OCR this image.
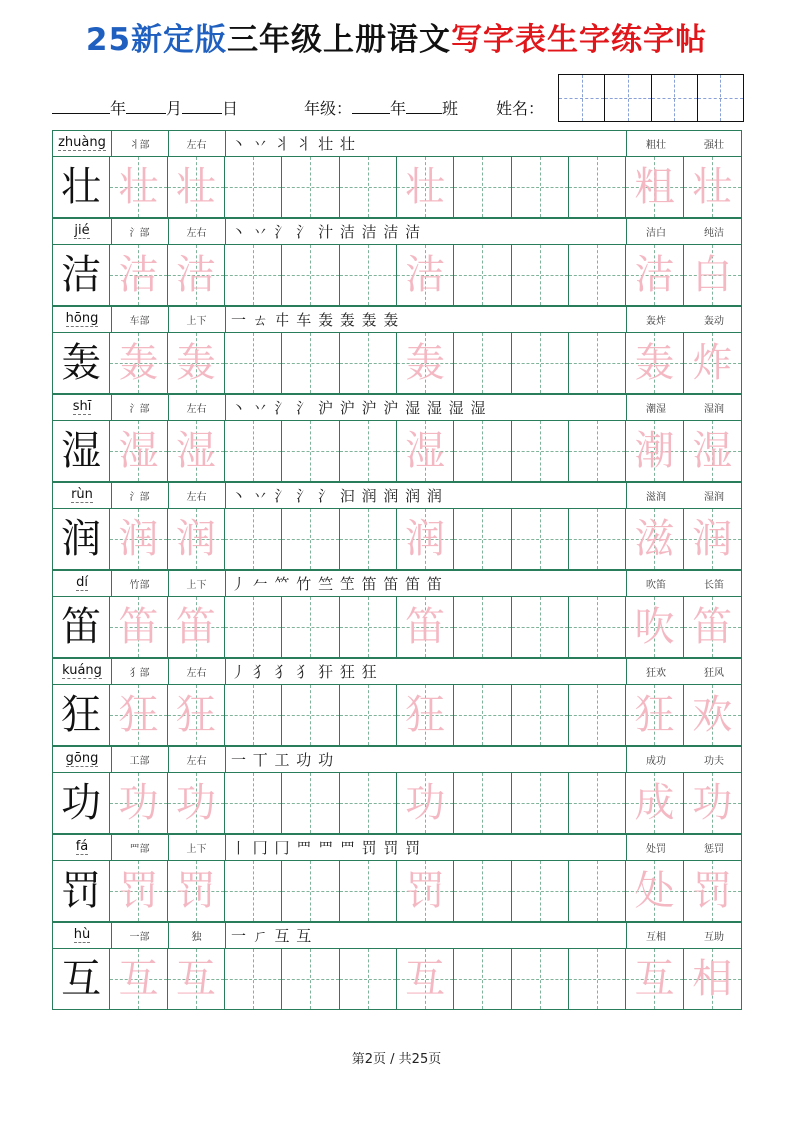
25新定版三年级上册语文写字表生字练字帖
年	月	日	年级： 年 班 姓名：
zhuàng	丬部	左右	丶 丷 丬 丬 壮 壮	粗壮	强壮
壮 壮 壮	壮	粗 壮
jié	氵部	左右	丶 丷 氵 氵 汁 洁 洁 洁 洁	洁白	纯洁
洁 洁 洁	洁	洁 白
hōng	车部	上下	一 ㄊ 㐄 车 轰 轰 轰 轰	轰炸	轰动
轰 轰 轰	轰	轰 炸
shī	氵部	左右	丶 丷 氵 氵 沪 沪 沪 沪 湿 湿 湿 湿	潮湿	湿润
湿 湿 湿	湿	潮 湿
rùn	氵部	左右	丶 丷 氵 氵 氵 汩 润 润 润 润	滋润	湿润
润 润 润	润	滋 润
dí	竹部	上下	丿 𠂉 𥫗 竹 竺 笁 笛 笛 笛 笛	吹笛	长笛
笛 笛 笛	笛	吹 笛
kuáng	犭部	左右	丿 犭 犭 犭 犴 狂 狂	狂欢	狂风
狂 狂 狂	狂	狂 欢
gōng	工部	左右	一 丅 工 功 功	成功	功夫
功 功 功	功	成 功
fá	罒部	上下	丨 冂 冂 罒 罒 罒 罚 罚 罚	处罚	惩罚
罚 罚 罚	罚	处 罚
hù	一部	独	一 ㄏ 互 互	互相	互助
互 互 互	互	互 相
第2页 / 共25页
